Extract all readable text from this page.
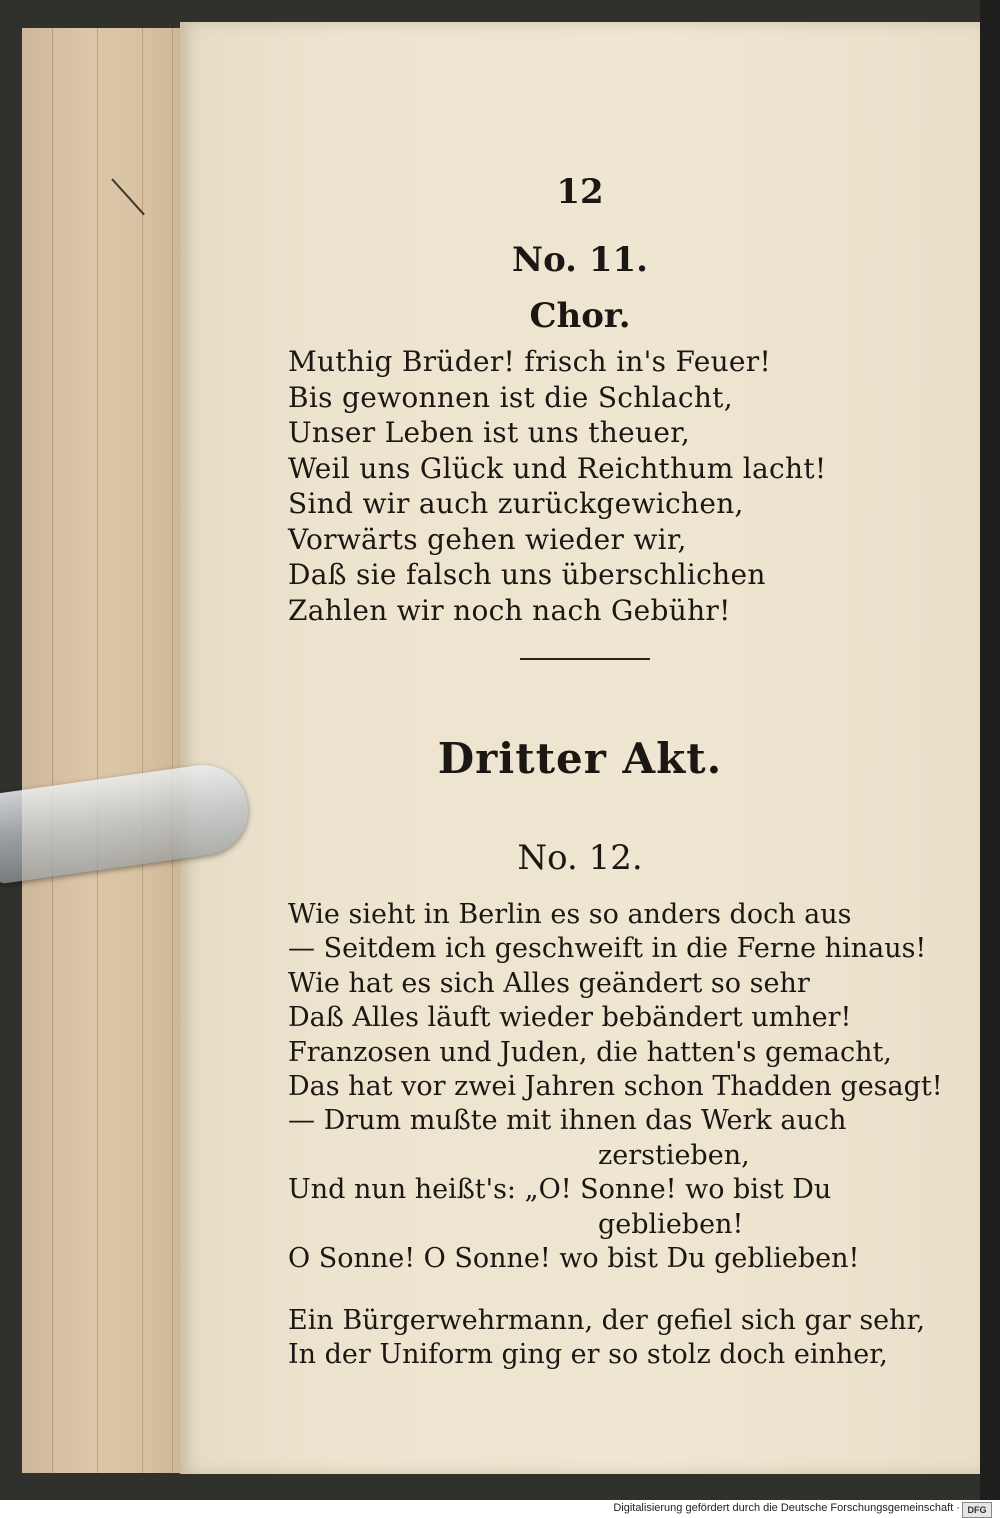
12
No. 11.
Chor.
Muthig Brüder! frisch in's Feuer!
Bis gewonnen ist die Schlacht,
Unser Leben ist uns theuer,
Weil uns Glück und Reichthum lacht!
Sind wir auch zurückgewichen,
Vorwärts gehen wieder wir,
Daß sie falsch uns überschlichen
Zahlen wir noch nach Gebühr!
Dritter Akt.
No. 12.
Wie sieht in Berlin es so anders doch aus
— Seitdem ich geschweift in die Ferne hinaus!
Wie hat es sich Alles geändert so sehr
Daß Alles läuft wieder bebändert umher!
Franzosen und Juden, die hatten's gemacht,
Das hat vor zwei Jahren schon Thadden gesagt!
— Drum mußte mit ihnen das Werk auch
zerstieben,
Und nun heißt's: „O! Sonne! wo bist Du
geblieben!
O Sonne! O Sonne! wo bist Du geblieben!
Ein Bürgerwehrmann, der gefiel sich gar sehr,
In der Uniform ging er so stolz doch einher,
Digitalisierung gefördert durch die Deutsche Forschungsgemeinschaft · DFG
